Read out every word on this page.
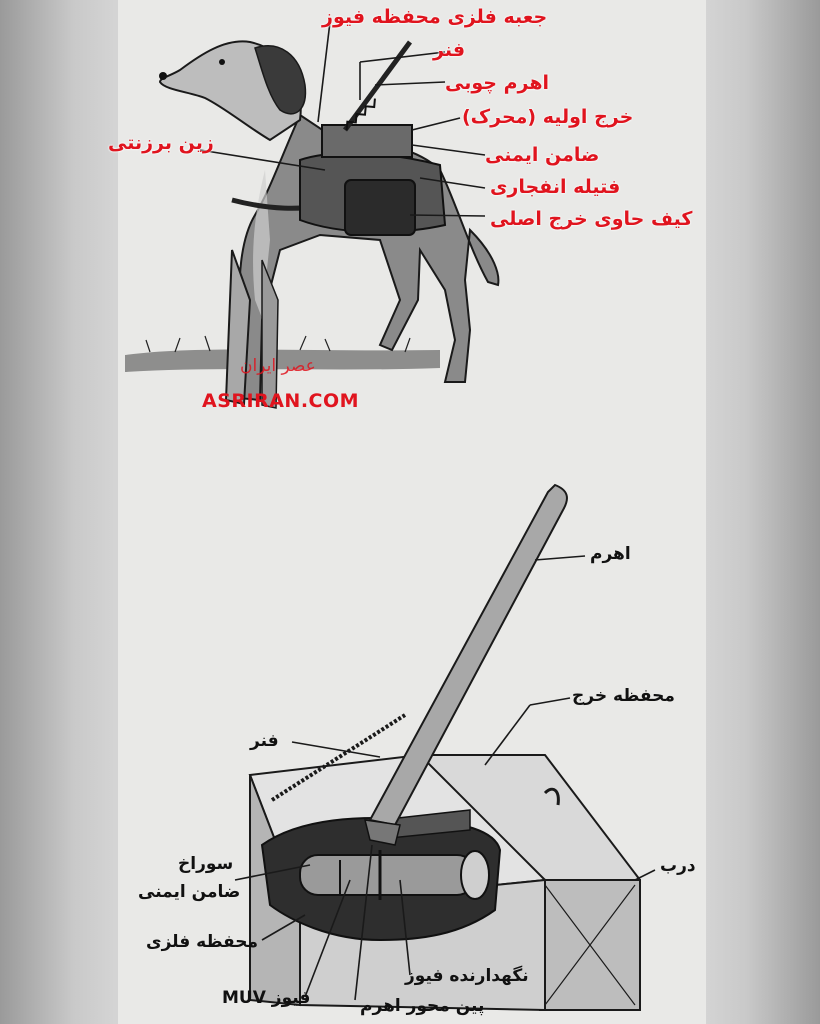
جعبه فلزی محفظه فیوز
فنر
اهرم چوبی
خرج اولیه (محرک)
زین برزنتی
ضامن ایمنی
فتیله انفجاری
کیف حاوی خرج اصلی
عصر ایران
ASRIRAN.COM
اهرم
محفظه خرج
فنر
درب
سوراخ
ضامن ایمنی
محفظه فلزی
فیوز MUV
نگهدارنده فیوز
پین محور اهرم
